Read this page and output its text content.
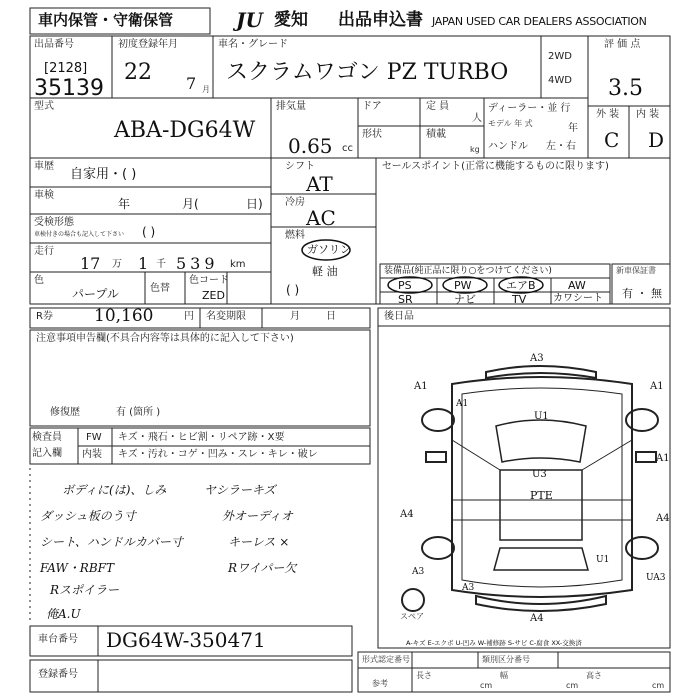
車内保管・守衛保管	JU 愛知 出品申込書 JAPAN USED CAR DEALERS ASSOCIATION
出品番号
[2128]
35139
初度登録年月
22 7 月
車名・グレード
スクラムワゴン PZ TURBO
2WD
4WD
評 価 点
3.5
外 装 内 装
C D
型式
ABA-DG64W
排気量
0.65 cc
ドア	定 員
人
形状	積載
kg
ディーラー・並 行
モデル 年 式	年
ハンドル 左・右
車歴
自家用・( )
車検
年	月(	日)
受検形態
車検付きの場合も記入して下さい ( )
走行
17 万 1 千 539 km
色
パープル	色替
色コード
ZED
シフト
AT
冷房
AC
燃料
ガソリン
軽 油
( )
セールスポイント(正常に機能するものに限ります)
装備品(純正品に限り○をつけてください)
PS	PW	エアB	AW
SR	ナビ	TV	カワシート
新車保証書
有 ・ 無
R券 10,160	円 名変期限	月	日	後日品
注意事項申告欄(不具合内容等は具体的に記入して下さい)
修復歴	有 (箇所 )
検査員
記入欄
FW キズ・飛石・ヒビ割・リペア跡・X要
内装 キズ・汚れ・コゲ・凹み・スレ・キレ・破レ
ボディに(は)、しみ	ヤシラーキズ
ダッシュ板のう寸	外オーディオ
シート、ハンドルカバー寸	キーレス ×
FAW・RBFT	Rワイパー欠
Rスポイラー
俺A.U
A3
A1	A1
A1
U1
A1
U3
PTE
A4	A4
A3
A3
U1
UA3
A4
スペア
A-キズ E-エクボ U-凹み W-補修跡 S-サビ C-腐食 XX-交換済
車台番号 DG64W-350471
登録番号
形式認定番号	類別区分番号
参考
長さ
cm
幅
cm
高さ
cm
